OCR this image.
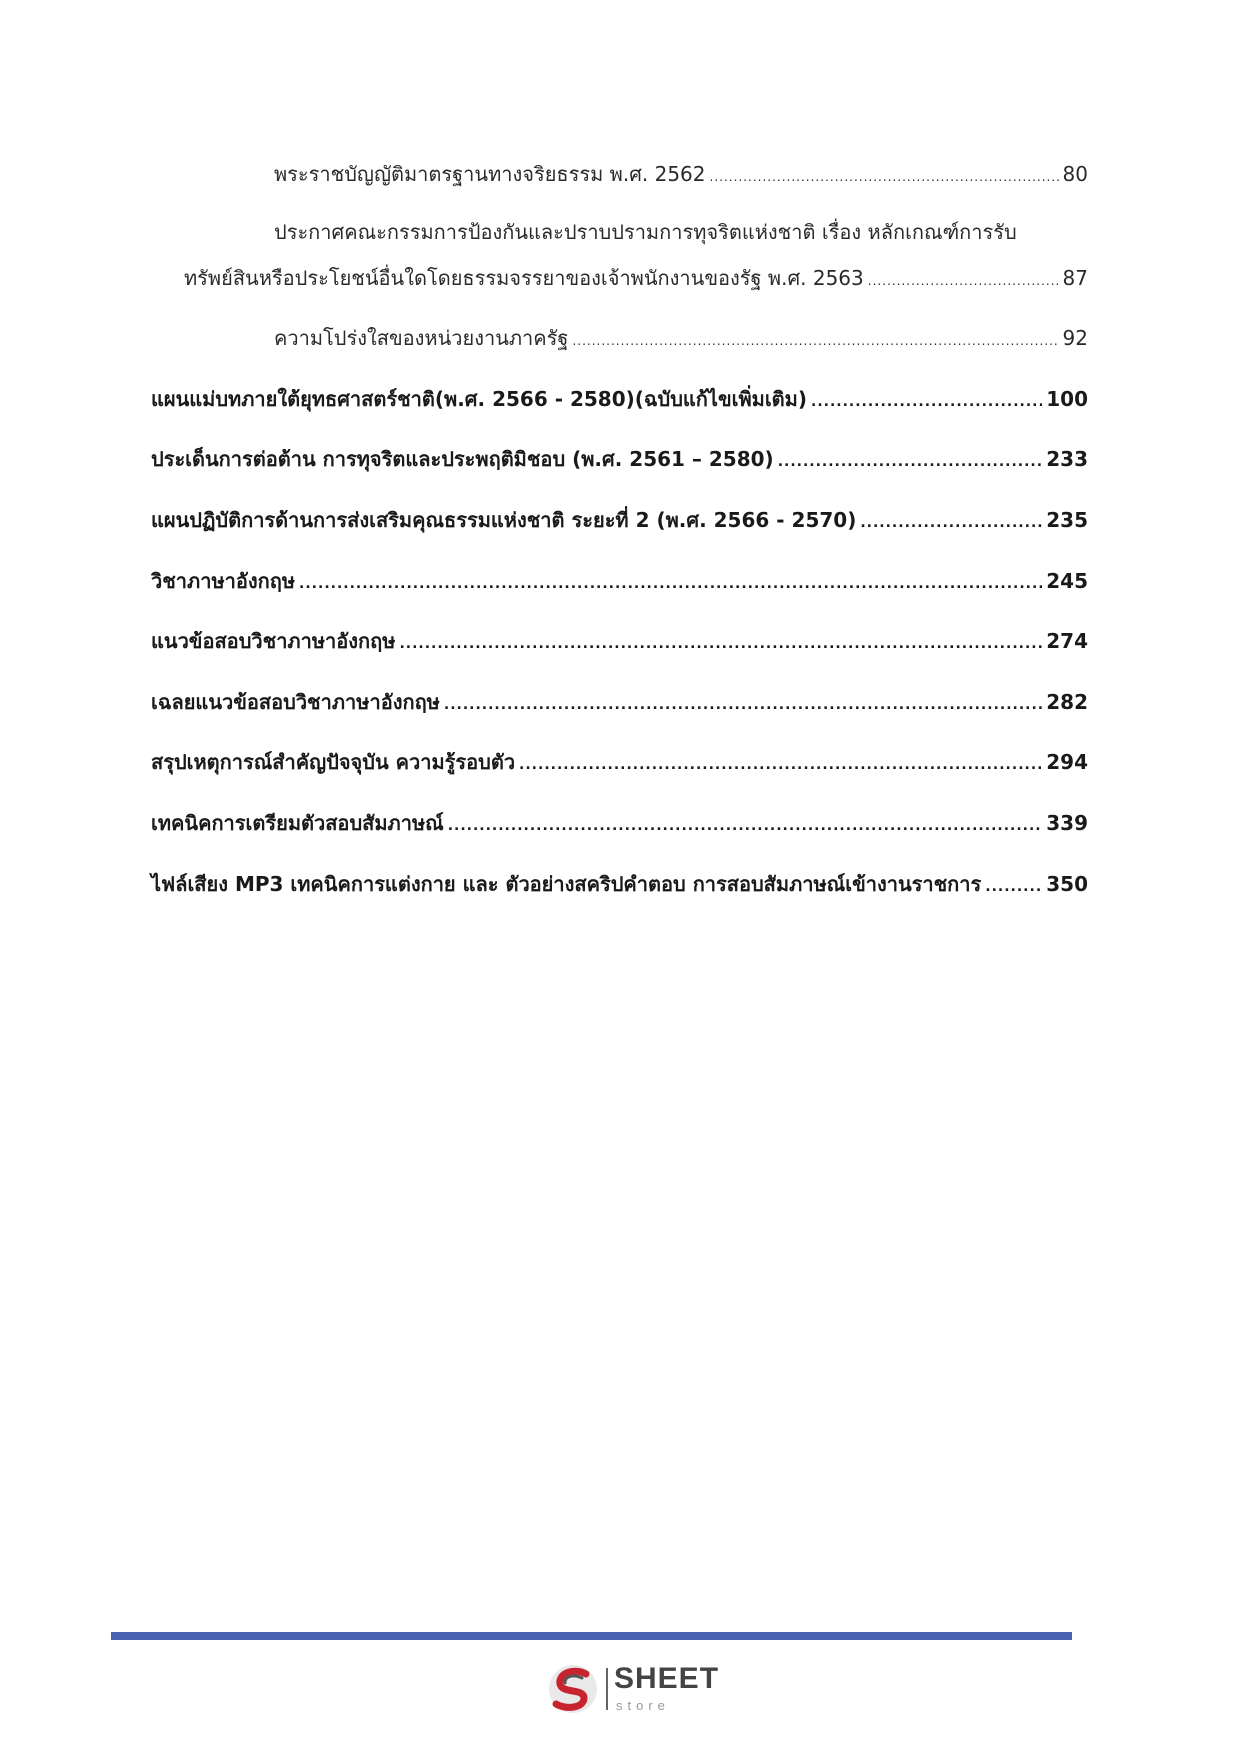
พระราชบัญญัติมาตรฐานทางจริยธรรม พ.ศ. 2562 .....	80
ประกาศคณะกรรมการป้องกันและปราบปรามการทุจริตแห่งชาติ เรื่อง หลักเกณฑ์การรับ
ทรัพย์สินหรือประโยชน์อื่นใดโดยธรรมจรรยาของเจ้าพนักงานของรัฐ พ.ศ. 2563 .....	87
ความโปร่งใสของหน่วยงานภาครัฐ .....	92
แผนแม่บทภายใต้ยุทธศาสตร์ชาติ(พ.ศ. 2566 - 2580)(ฉบับแก้ไขเพิ่มเติม) .....	100
ประเด็นการต่อต้าน การทุจริตและประพฤติมิชอบ (พ.ศ. 2561 – 2580) .....	233
แผนปฏิบัติการด้านการส่งเสริมคุณธรรมแห่งชาติ ระยะที่ 2 (พ.ศ. 2566 - 2570) .....	235
วิชาภาษาอังกฤษ .....	245
แนวข้อสอบวิชาภาษาอังกฤษ .....	274
เฉลยแนวข้อสอบวิชาภาษาอังกฤษ .....	282
สรุปเหตุการณ์สำคัญปัจจุบัน ความรู้รอบตัว .....	294
เทคนิคการเตรียมตัวสอบสัมภาษณ์ .....	339
ไฟล์เสียง MP3 เทคนิคการแต่งกาย และ ตัวอย่างสคริปคำตอบ การสอบสัมภาษณ์เข้างานราชการ .....	350
SHEET
store
